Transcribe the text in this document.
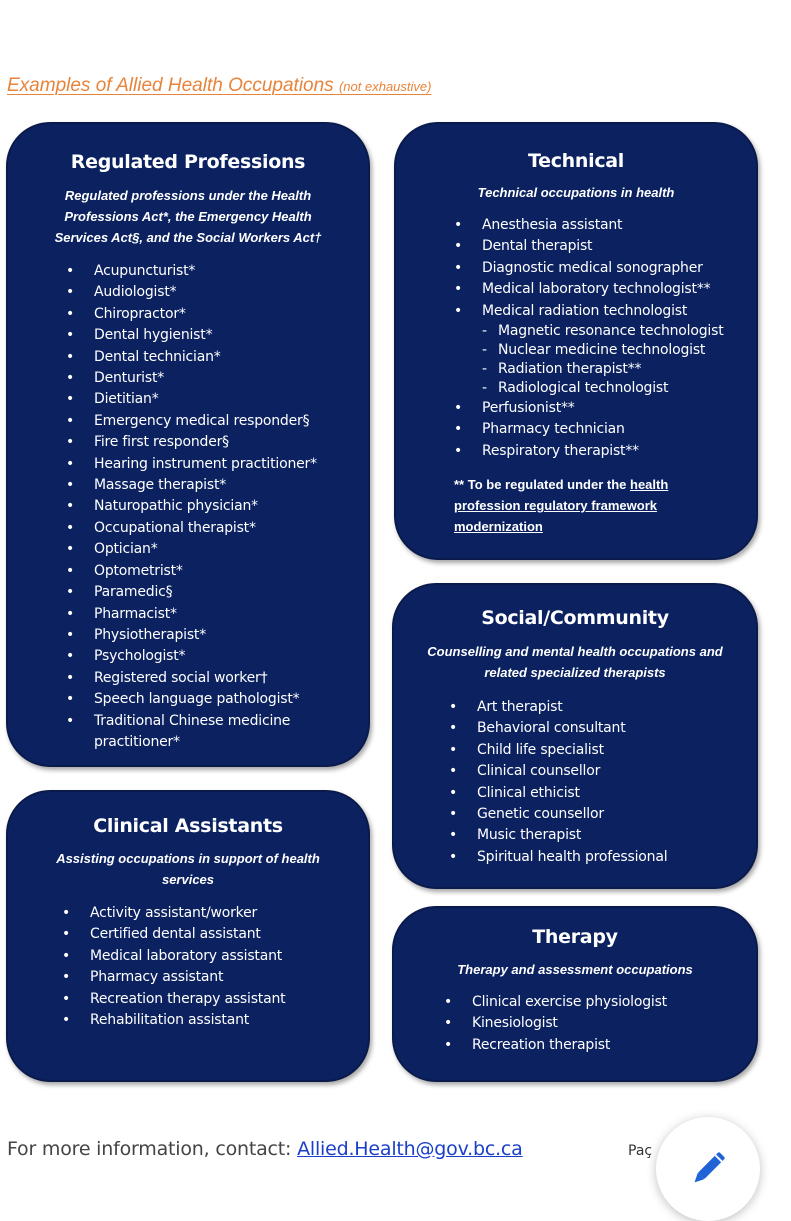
Examples of Allied Health Occupations (not exhaustive)
Regulated Professions
Regulated professions under the Health
Professions Act*, the Emergency Health
Services Act§, and the Social Workers Act†
• Acupuncturist*
• Audiologist*
• Chiropractor*
• Dental hygienist*
• Dental technician*
• Denturist*
• Dietitian*
• Emergency medical responder§
• Fire first responder§
• Hearing instrument practitioner*
• Massage therapist*
• Naturopathic physician*
• Occupational therapist*
• Optician*
• Optometrist*
• Paramedic§
• Pharmacist*
• Physiotherapist*
• Psychologist*
• Registered social worker†
• Speech language pathologist*
• Traditional Chinese medicine practitioner*
Clinical Assistants
Assisting occupations in support of health
services
• Activity assistant/worker
• Certified dental assistant
• Medical laboratory assistant
• Pharmacy assistant
• Recreation therapy assistant
• Rehabilitation assistant
Technical
Technical occupations in health
• Anesthesia assistant
• Dental therapist
• Diagnostic medical sonographer
• Medical laboratory technologist**
• Medical radiation technologist
- Magnetic resonance technologist
- Nuclear medicine technologist
- Radiation therapist**
- Radiological technologist
• Perfusionist**
• Pharmacy technician
• Respiratory therapist**
** To be regulated under the health
profession regulatory framework
modernization
Social/Community
Counselling and mental health occupations and
related specialized therapists
• Art therapist
• Behavioral consultant
• Child life specialist
• Clinical counsellor
• Clinical ethicist
• Genetic counsellor
• Music therapist
• Spiritual health professional
Therapy
Therapy and assessment occupations
• Clinical exercise physiologist
• Kinesiologist
• Recreation therapist
For more information, contact: Allied.Health@gov.bc.ca	Paç
